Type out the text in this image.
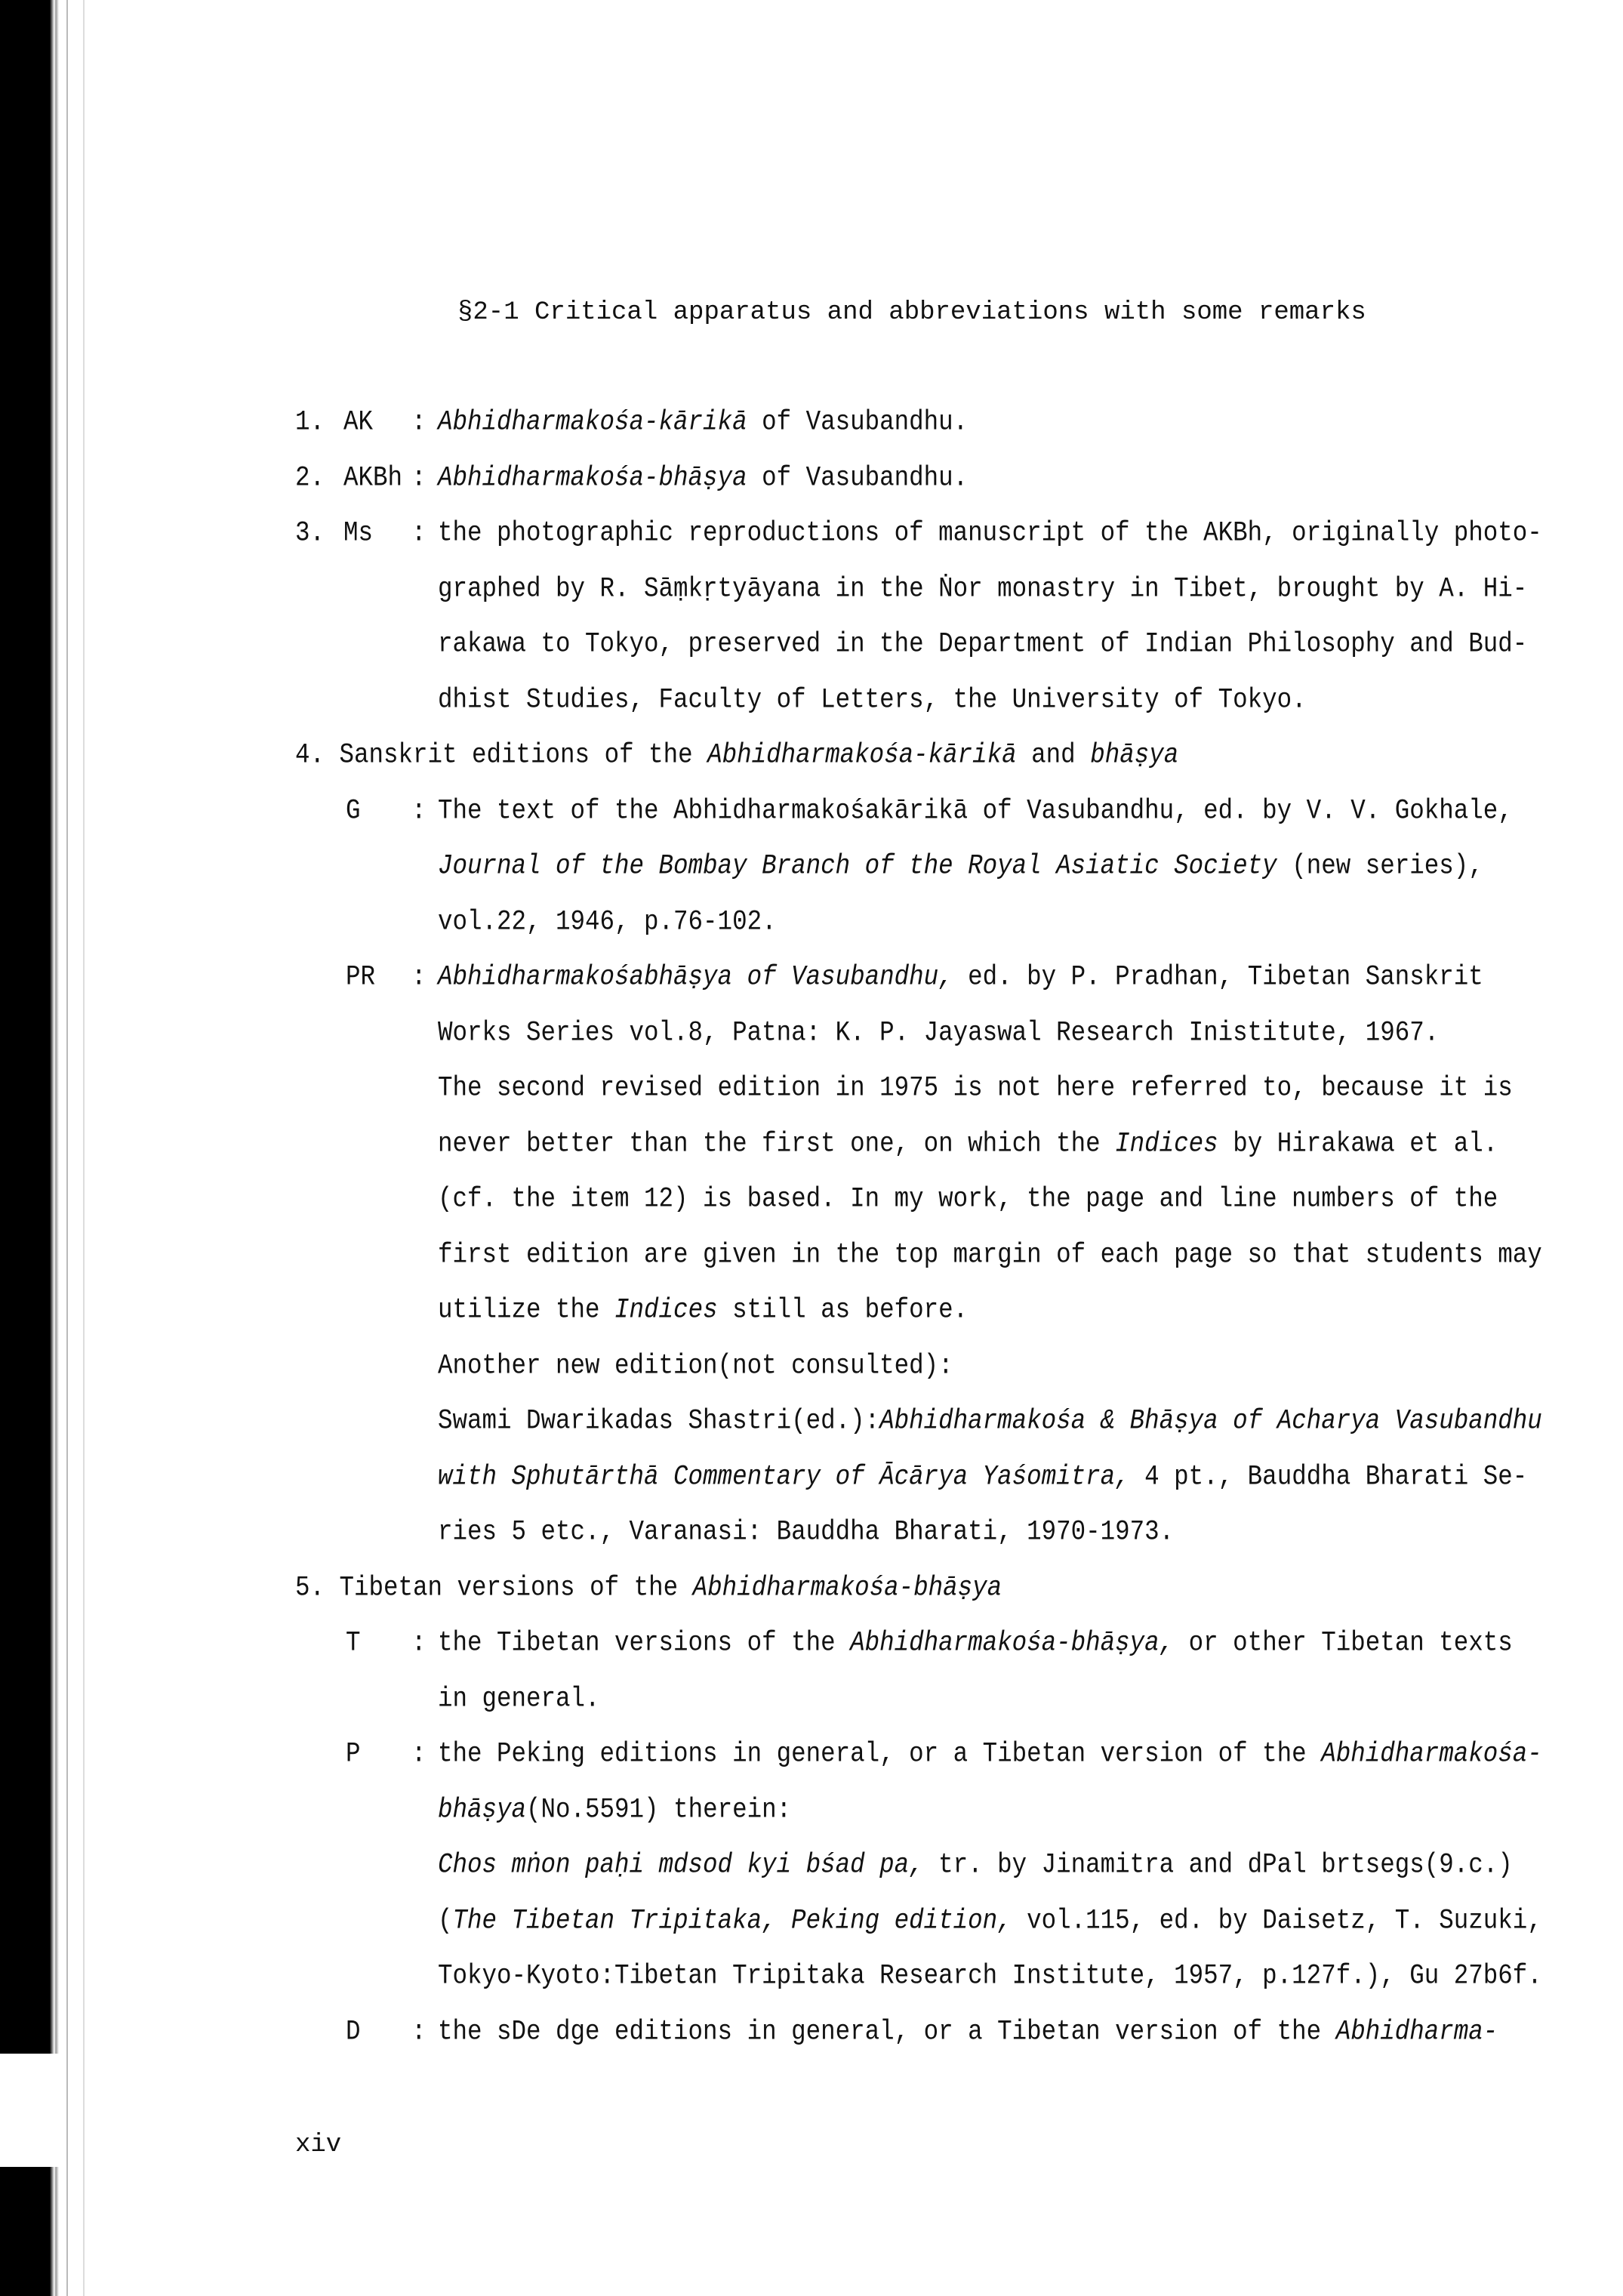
§2-1 Critical apparatus and abbreviations with some remarks
1. AK : Abhidharmakośa-kārikā of Vasubandhu.
2. AKBh : Abhidharmakośa-bhāṣya of Vasubandhu.
3. Ms : the photographic reproductions of manuscript of the AKBh, originally photo-
graphed by R. Sāṃkṛtyāyana in the Ṅor monastry in Tibet, brought by A. Hi-
rakawa to Tokyo, preserved in the Department of Indian Philosophy and Bud-
dhist Studies, Faculty of Letters, the University of Tokyo.
4. Sanskrit editions of the Abhidharmakośa-kārikā and bhāṣya
G : The text of the Abhidharmakośakārikā of Vasubandhu, ed. by V. V. Gokhale,
Journal of the Bombay Branch of the Royal Asiatic Society (new series),
vol.22, 1946, p.76-102.
PR : Abhidharmakośabhāṣya of Vasubandhu, ed. by P. Pradhan, Tibetan Sanskrit
Works Series vol.8, Patna: K. P. Jayaswal Research Inistitute, 1967.
The second revised edition in 1975 is not here referred to, because it is
never better than the first one, on which the Indices by Hirakawa et al.
(cf. the item 12) is based. In my work, the page and line numbers of the
first edition are given in the top margin of each page so that students may
utilize the Indices still as before.
Another new edition(not consulted):
Swami Dwarikadas Shastri(ed.):Abhidharmakośa & Bhāṣya of Acharya Vasubandhu
with Sphutārthā Commentary of Ācārya Yaśomitra, 4 pt., Bauddha Bharati Se-
ries 5 etc., Varanasi: Bauddha Bharati, 1970-1973.
5. Tibetan versions of the Abhidharmakośa-bhāṣya
T : the Tibetan versions of the Abhidharmakośa-bhāṣya, or other Tibetan texts
in general.
P : the Peking editions in general, or a Tibetan version of the Abhidharmakośa-
bhāṣya(No.5591) therein:
Chos mṅon paḥi mdsod kyi bśad pa, tr. by Jinamitra and dPal brtsegs(9.c.)
(The Tibetan Tripitaka, Peking edition, vol.115, ed. by Daisetz, T. Suzuki,
Tokyo-Kyoto:Tibetan Tripitaka Research Institute, 1957, p.127f.), Gu 27b6f.
D : the sDe dge editions in general, or a Tibetan version of the Abhidharma-
xiv
